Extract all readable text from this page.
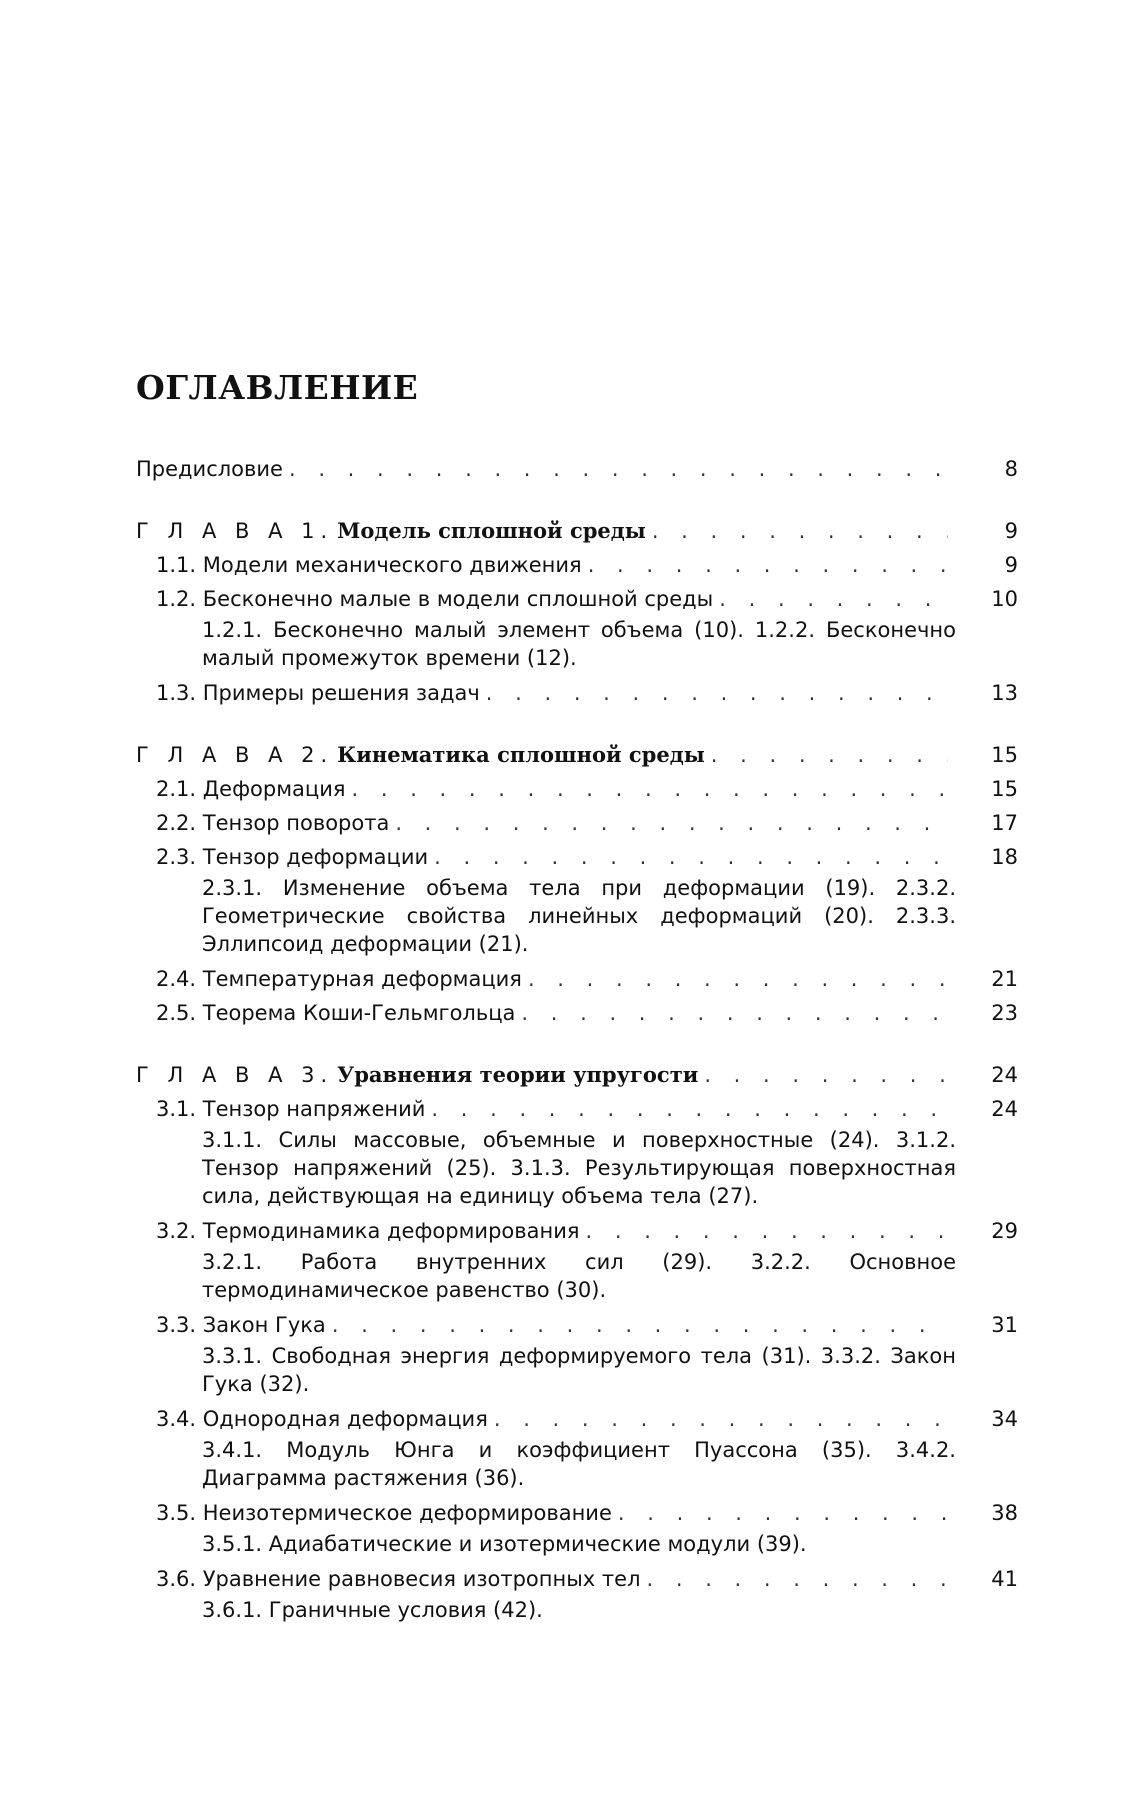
ОГЛАВЛЕНИЕ
Предисловие . . .	8
Г Л А В А 1. Модель сплошной среды . . .	9
1.1. Модели механического движения . . .	9
1.2. Бесконечно малые в модели сплошной среды . . .	10

1.2.1. Бесконечно малый элемент объема (10). 1.2.2. Бесконечно малый промежуток времени (12).

1.3. Примеры решения задач . . .	13
Г Л А В А 2. Кинематика сплошной среды . . .	15
2.1. Деформация . . .	15
2.2. Тензор поворота . . .	17
2.3. Тензор деформации . . .	18

2.3.1. Изменение объема тела при деформации (19). 2.3.2. Геометрические свойства линейных деформаций (20). 2.3.3. Эллипсоид деформации (21).

2.4. Температурная деформация . . .	21
2.5. Теорема Коши-Гельмгольца . . .	23
Г Л А В А 3. Уравнения теории упругости . . .	24
3.1. Тензор напряжений . . .	24

3.1.1. Силы массовые, объемные и поверхностные (24). 3.1.2. Тензор напряжений (25). 3.1.3. Результирующая поверхностная сила, действующая на единицу объема тела (27).

3.2. Термодинамика деформирования . . .	29

3.2.1. Работа внутренних сил (29). 3.2.2. Основное термодинамическое равенство (30).

3.3. Закон Гука . . .	31

3.3.1. Свободная энергия деформируемого тела (31). 3.3.2. Закон Гука (32).

3.4. Однородная деформация . . .	34

3.4.1. Модуль Юнга и коэффициент Пуассона (35). 3.4.2. Диаграмма растяжения (36).

3.5. Неизотермическое деформирование . . .	38

3.5.1. Адиабатические и изотермические модули (39).

3.6. Уравнение равновесия изотропных тел . . .	41

3.6.1. Граничные условия (42).
